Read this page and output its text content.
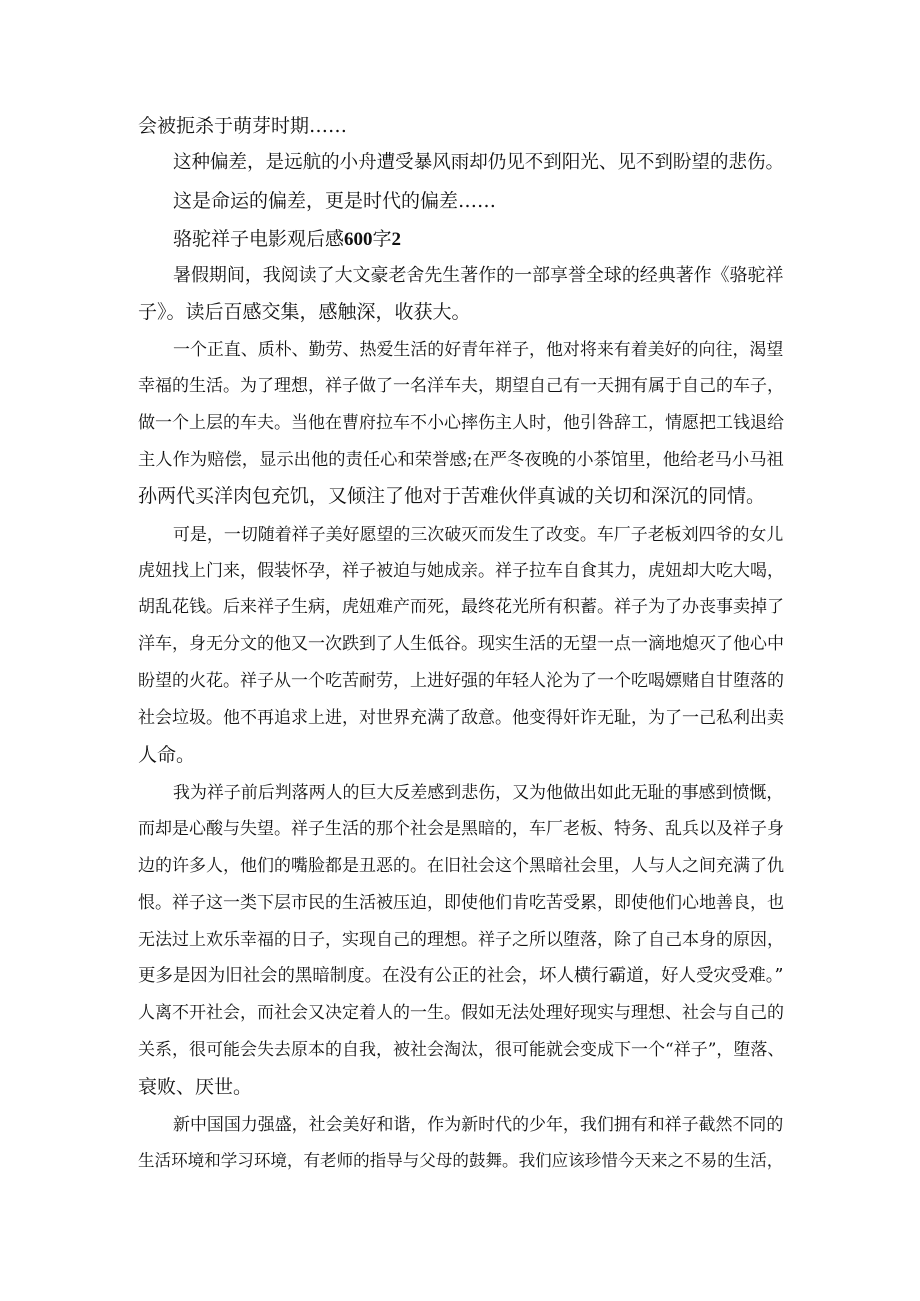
会被扼杀于萌芽时期……
这种偏差，是远航的小舟遭受暴风雨却仍见不到阳光、见不到盼望的悲伤。
这是命运的偏差，更是时代的偏差……
骆驼祥子电影观后感600字2
暑假期间，我阅读了大文豪老舍先生著作的一部享誉全球的经典著作《骆驼祥
子》。读后百感交集，感触深，收获大。
一个正直、质朴、勤劳、热爱生活的好青年祥子，他对将来有着美好的向往，渴望
幸福的生活。为了理想，祥子做了一名洋车夫，期望自己有一天拥有属于自己的车子，
做一个上层的车夫。当他在曹府拉车不小心摔伤主人时，他引咎辞工，情愿把工钱退给
主人作为赔偿，显示出他的责任心和荣誉感;在严冬夜晚的小茶馆里，他给老马小马祖
孙两代买洋肉包充饥，又倾注了他对于苦难伙伴真诚的关切和深沉的同情。
可是，一切随着祥子美好愿望的三次破灭而发生了改变。车厂子老板刘四爷的女儿
虎妞找上门来，假装怀孕，祥子被迫与她成亲。祥子拉车自食其力，虎妞却大吃大喝，
胡乱花钱。后来祥子生病，虎妞难产而死，最终花光所有积蓄。祥子为了办丧事卖掉了
洋车，身无分文的他又一次跌到了人生低谷。现实生活的无望一点一滴地熄灭了他心中
盼望的火花。祥子从一个吃苦耐劳，上进好强的年轻人沦为了一个吃喝嫖赌自甘堕落的
社会垃圾。他不再追求上进，对世界充满了敌意。他变得奸诈无耻，为了一己私利出卖
人命。
我为祥子前后判落两人的巨大反差感到悲伤，又为他做出如此无耻的事感到愤慨，
而却是心酸与失望。祥子生活的那个社会是黑暗的，车厂老板、特务、乱兵以及祥子身
边的许多人，他们的嘴脸都是丑恶的。在旧社会这个黑暗社会里，人与人之间充满了仇
恨。祥子这一类下层市民的生活被压迫，即使他们肯吃苦受累，即使他们心地善良，也
无法过上欢乐幸福的日子，实现自己的理想。祥子之所以堕落，除了自己本身的原因，
更多是因为旧社会的黑暗制度。在没有公正的社会，坏人横行霸道，好人受灾受难。”
人离不开社会，而社会又决定着人的一生。假如无法处理好现实与理想、社会与自己的
关系，很可能会失去原本的自我，被社会淘汰，很可能就会变成下一个“祥子”，堕落、
衰败、厌世。
新中国国力强盛，社会美好和谐，作为新时代的少年，我们拥有和祥子截然不同的
生活环境和学习环境，有老师的指导与父母的鼓舞。我们应该珍惜今天来之不易的生活，
